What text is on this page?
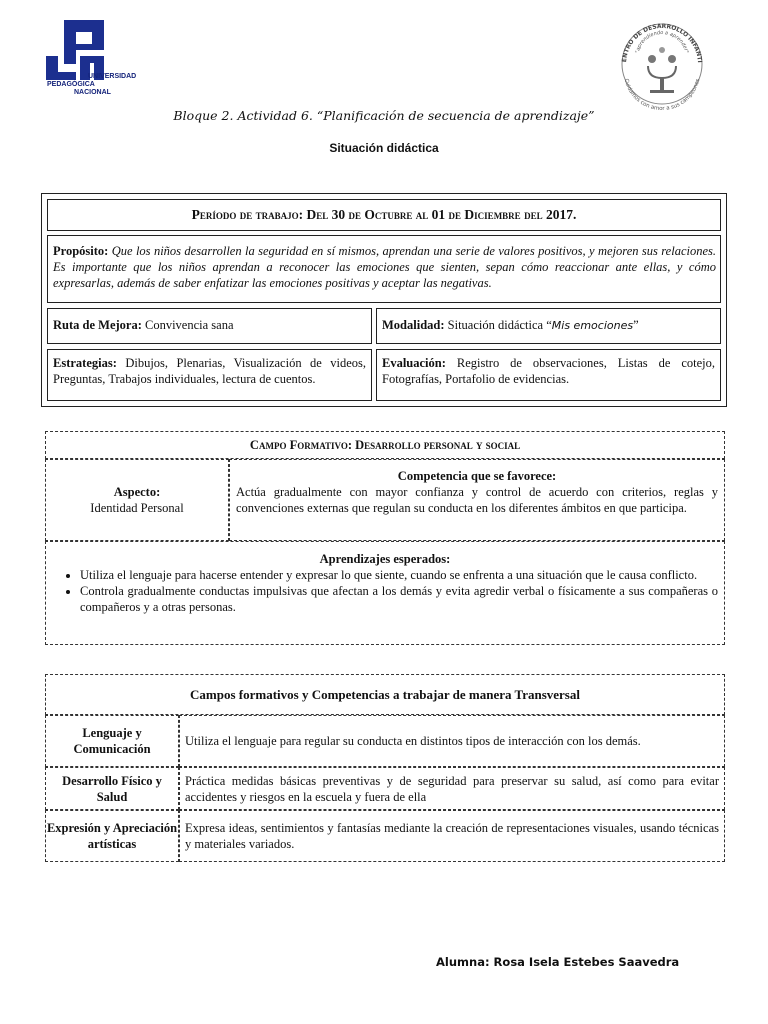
UNIVERSIDAD
PEDAGÓGICA
NACIONAL
ENTRO DE DESARROLLO INFANTI
"aprendiendo a aprender"
Cuidamos con amor a sus campeones
Bloque 2. Actividad 6. “Planificación de secuencia de aprendizaje”
Situación didáctica
Período de trabajo: Del 30 de Octubre al 01 de Diciembre del 2017.
Propósito: Que los niños desarrollen la seguridad en sí mismos, aprendan una serie de valores positivos, y mejoren sus relaciones. Es importante que los niños aprendan a reconocer las emociones que sienten, sepan cómo reaccionar ante ellas, y cómo expresarlas, además de saber enfatizar las emociones positivas y aceptar las negativas.
Ruta de Mejora: Convivencia sana	Modalidad: Situación didáctica “Mis emociones”
Estrategias: Dibujos, Plenarias, Visualización de videos, Preguntas, Trabajos individuales, lectura de cuentos.
Evaluación: Registro de observaciones, Listas de cotejo, Fotografías, Portafolio de evidencias.
Campo Formativo: Desarrollo personal y social
Aspecto:
Identidad Personal
Competencia que se favorece:
Actúa gradualmente con mayor confianza y control de acuerdo con criterios, reglas y convenciones externas que regulan su conducta en los diferentes ámbitos en que participa.
Aprendizajes esperados:
• Utiliza el lenguaje para hacerse entender y expresar lo que siente, cuando se enfrenta a una situación que le causa conflicto.
• Controla gradualmente conductas impulsivas que afectan a los demás y evita agredir verbal o físicamente a sus compañeras o compañeros y a otras personas.
Campos formativos y Competencias a trabajar de manera Transversal
Lenguaje y Comunicación
Utiliza el lenguaje para regular su conducta en distintos tipos de interacción con los demás.
Desarrollo Físico y Salud
Práctica medidas básicas preventivas y de seguridad para preservar su salud, así como para evitar accidentes y riesgos en la escuela y fuera de ella
Expresión y Apreciación artísticas
Expresa ideas, sentimientos y fantasías mediante la creación de representaciones visuales, usando técnicas y materiales variados.
Alumna: Rosa Isela Estebes Saavedra
